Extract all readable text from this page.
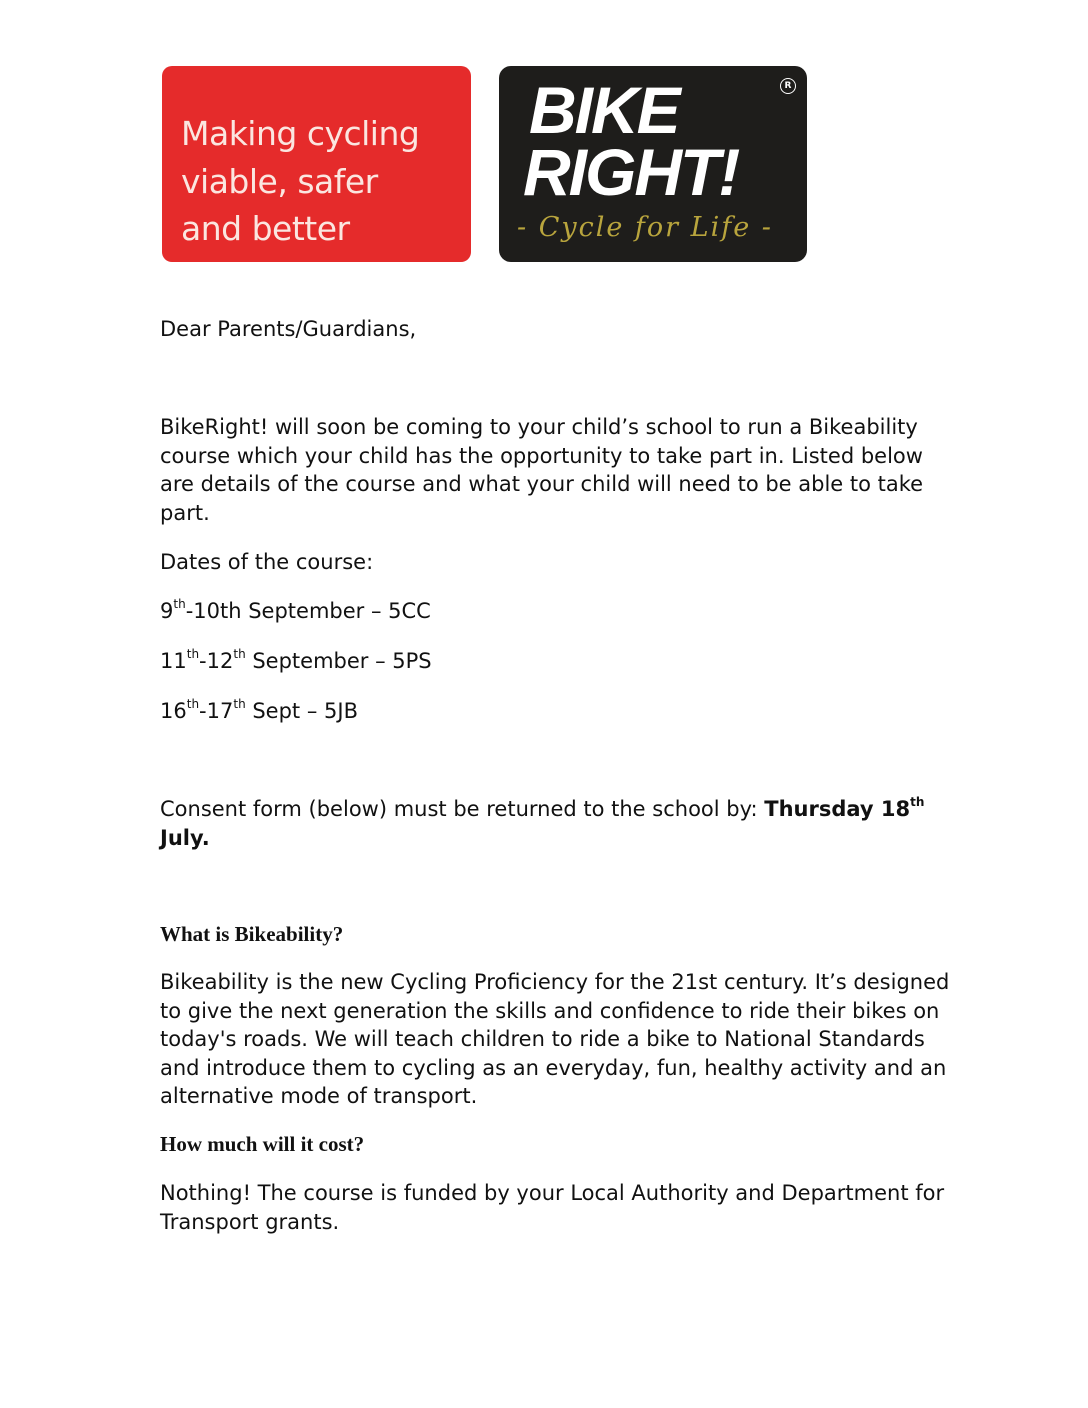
Making cycling
viable, safer
and better
BIKE
RIGHT!
R
- Cycle for Life -
Dear Parents/Guardians,
BikeRight! will soon be coming to your child’s school to run a Bikeability
course which your child has the opportunity to take part in. Listed below
are details of the course and what your child will need to be able to take
part.
Dates of the course:
9th-10th September – 5CC
11th-12th September – 5PS
16th-17th Sept – 5JB
Consent form (below) must be returned to the school by: Thursday 18th
July.
What is Bikeability?
Bikeability is the new Cycling Proficiency for the 21st century. It’s designed
to give the next generation the skills and confidence to ride their bikes on
today's roads. We will teach children to ride a bike to National Standards
and introduce them to cycling as an everyday, fun, healthy activity and an
alternative mode of transport.
How much will it cost?
Nothing! The course is funded by your Local Authority and Department for
Transport grants.
